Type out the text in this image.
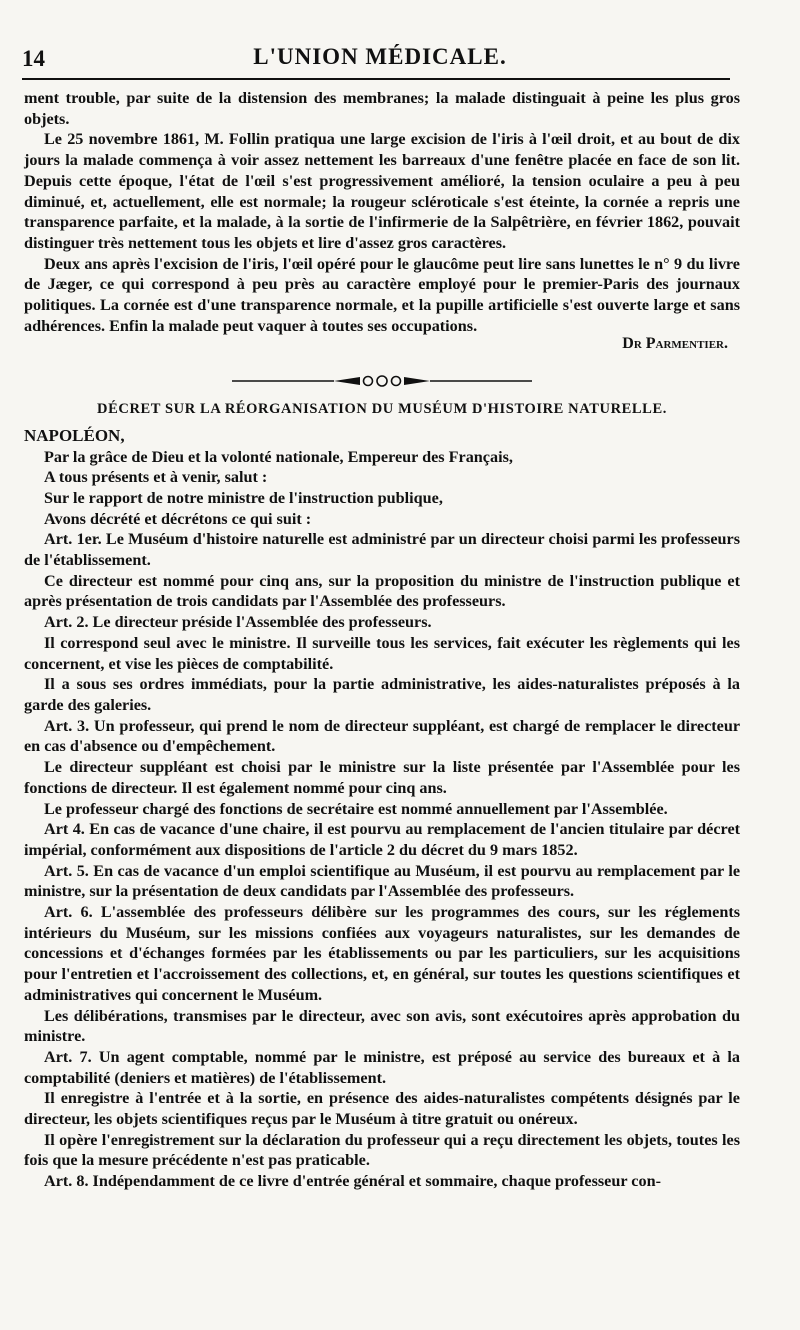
14	L'UNION MÉDICALE.

ment trouble, par suite de la distension des membranes; la malade distinguait à peine les plus gros objets.

Le 25 novembre 1861, M. Follin pratiqua une large excision de l'iris à l'œil droit, et au bout de dix jours la malade commença à voir assez nettement les barreaux d'une fenêtre placée en face de son lit. Depuis cette époque, l'état de l'œil s'est progressivement amélioré, la tension oculaire a peu à peu diminué, et, actuellement, elle est normale; la rougeur scléroticale s'est éteinte, la cornée a repris une transparence parfaite, et la malade, à la sortie de l'infirmerie de la Salpêtrière, en février 1862, pouvait distinguer très nettement tous les objets et lire d'assez gros caractères.

Deux ans après l'excision de l'iris, l'œil opéré pour le glaucôme peut lire sans lunettes le n° 9 du livre de Jæger, ce qui correspond à peu près au caractère employé pour le premier-Paris des journaux politiques. La cornée est d'une transparence normale, et la pupille artificielle s'est ouverte large et sans adhérences. Enfin la malade peut vaquer à toutes ses occupations.

Dr Parmentier.
DÉCRET SUR LA RÉORGANISATION DU MUSÉUM D'HISTOIRE NATURELLE.

NAPOLÉON,

Par la grâce de Dieu et la volonté nationale, Empereur des Français,

A tous présents et à venir, salut :

Sur le rapport de notre ministre de l'instruction publique,

Avons décrété et décrétons ce qui suit :

Art. 1er. Le Muséum d'histoire naturelle est administré par un directeur choisi parmi les professeurs de l'établissement.

Ce directeur est nommé pour cinq ans, sur la proposition du ministre de l'instruction publique et après présentation de trois candidats par l'Assemblée des professeurs.

Art. 2. Le directeur préside l'Assemblée des professeurs.

Il correspond seul avec le ministre. Il surveille tous les services, fait exécuter les règlements qui les concernent, et vise les pièces de comptabilité.

Il a sous ses ordres immédiats, pour la partie administrative, les aides-naturalistes préposés à la garde des galeries.

Art. 3. Un professeur, qui prend le nom de directeur suppléant, est chargé de remplacer le directeur en cas d'absence ou d'empêchement.

Le directeur suppléant est choisi par le ministre sur la liste présentée par l'Assemblée pour les fonctions de directeur. Il est également nommé pour cinq ans.

Le professeur chargé des fonctions de secrétaire est nommé annuellement par l'Assemblée.

Art 4. En cas de vacance d'une chaire, il est pourvu au remplacement de l'ancien titulaire par décret impérial, conformément aux dispositions de l'article 2 du décret du 9 mars 1852.

Art. 5. En cas de vacance d'un emploi scientifique au Muséum, il est pourvu au remplacement par le ministre, sur la présentation de deux candidats par l'Assemblée des professeurs.

Art. 6. L'assemblée des professeurs délibère sur les programmes des cours, sur les réglements intérieurs du Muséum, sur les missions confiées aux voyageurs naturalistes, sur les demandes de concessions et d'échanges formées par les établissements ou par les particuliers, sur les acquisitions pour l'entretien et l'accroissement des collections, et, en général, sur toutes les questions scientifiques et administratives qui concernent le Muséum.

Les délibérations, transmises par le directeur, avec son avis, sont exécutoires après approbation du ministre.

Art. 7. Un agent comptable, nommé par le ministre, est préposé au service des bureaux et à la comptabilité (deniers et matières) de l'établissement.

Il enregistre à l'entrée et à la sortie, en présence des aides-naturalistes compétents désignés par le directeur, les objets scientifiques reçus par le Muséum à titre gratuit ou onéreux.

Il opère l'enregistrement sur la déclaration du professeur qui a reçu directement les objets, toutes les fois que la mesure précédente n'est pas praticable.

Art. 8. Indépendamment de ce livre d'entrée général et sommaire, chaque professeur con-
